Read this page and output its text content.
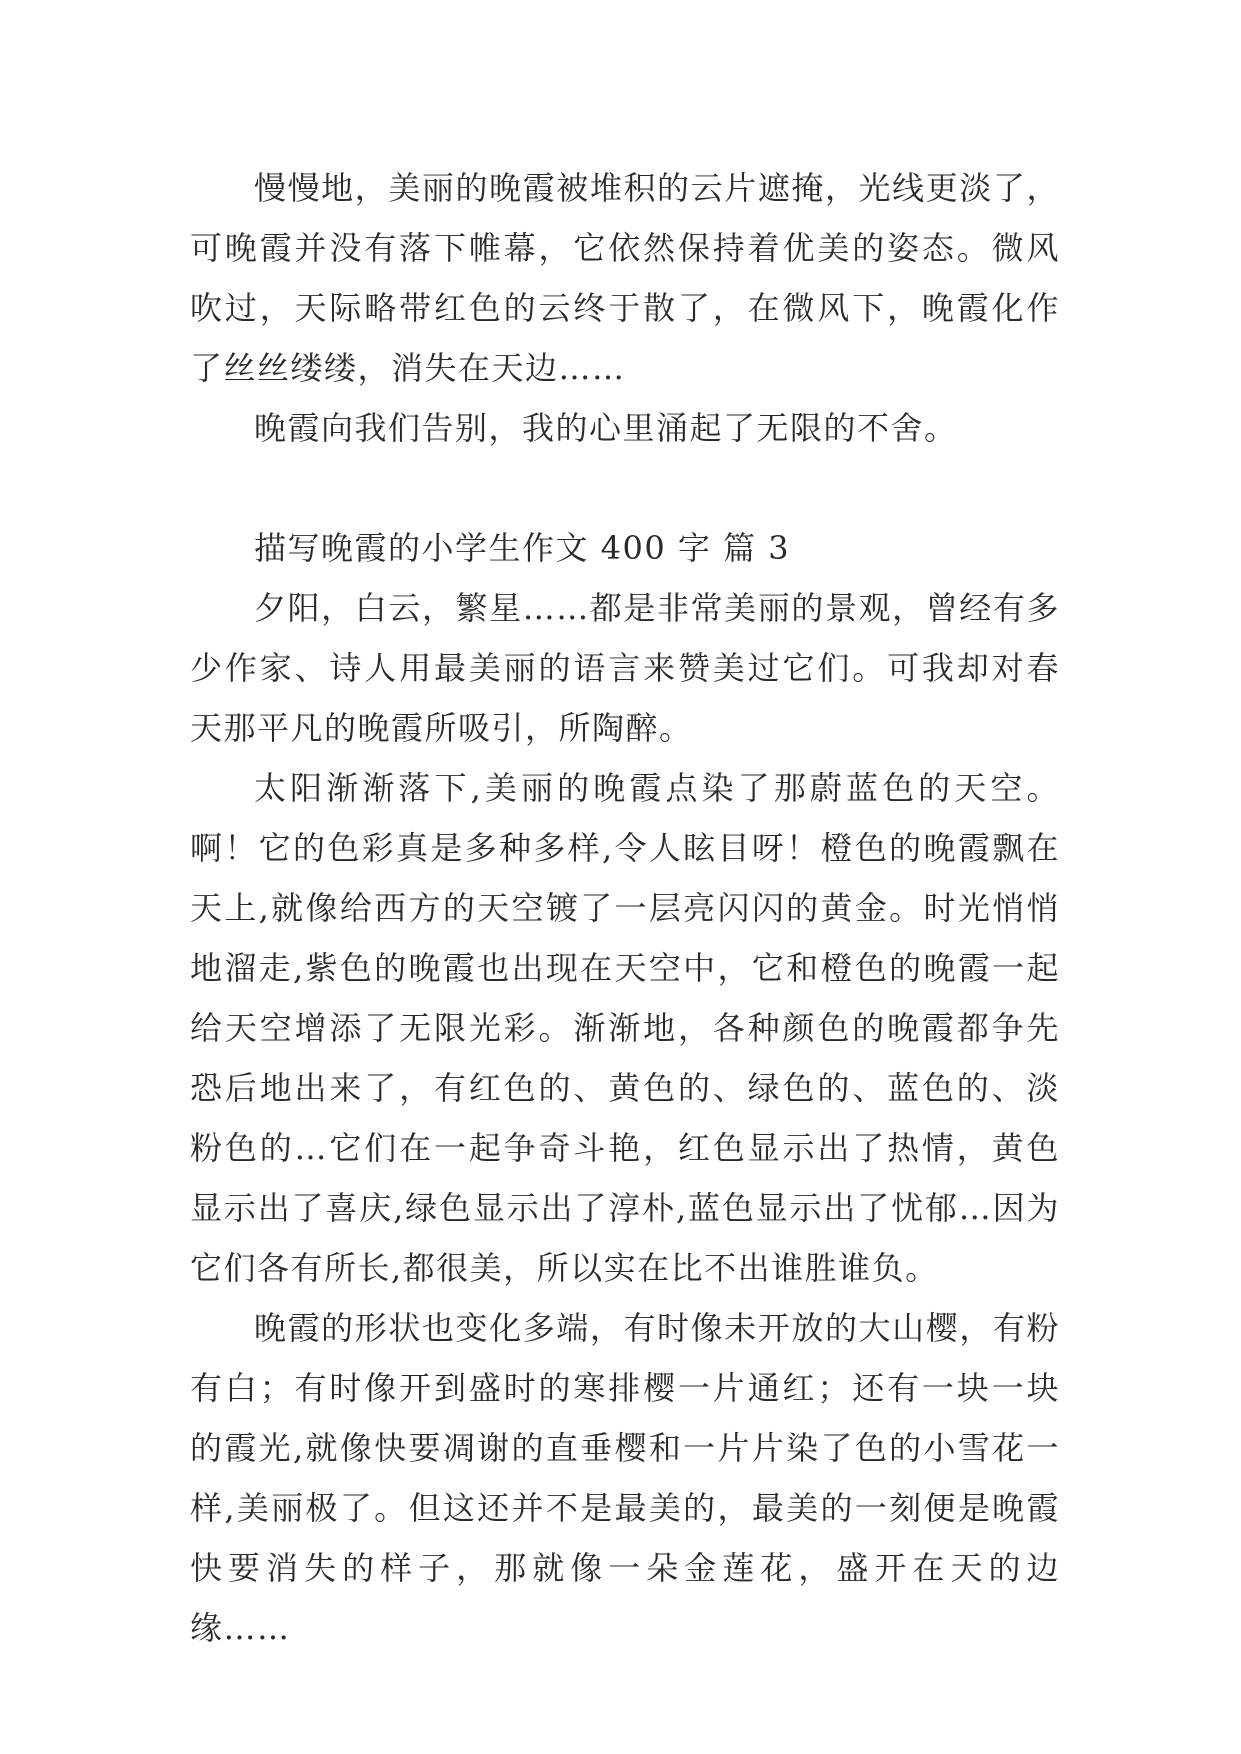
慢慢地，美丽的晚霞被堆积的云片遮掩，光线更淡了，可晚霞并没有落下帷幕，它依然保持着优美的姿态。微风吹过，天际略带红色的云终于散了，在微风下，晚霞化作了丝丝缕缕，消失在天边……

晚霞向我们告别，我的心里涌起了无限的不舍。

描写晚霞的小学生作文 400 字 篇 3

夕阳，白云，繁星……都是非常美丽的景观，曾经有多少作家、诗人用最美丽的语言来赞美过它们。可我却对春天那平凡的晚霞所吸引，所陶醉。

太阳渐渐落下,美丽的晚霞点染了那蔚蓝色的天空。啊！它的色彩真是多种多样,令人眩目呀！橙色的晚霞飘在天上,就像给西方的天空镀了一层亮闪闪的黄金。时光悄悄地溜走,紫色的晚霞也出现在天空中，它和橙色的晚霞一起给天空增添了无限光彩。渐渐地，各种颜色的晚霞都争先恐后地出来了，有红色的、黄色的、绿色的、蓝色的、淡粉色的…它们在一起争奇斗艳，红色显示出了热情，黄色显示出了喜庆,绿色显示出了淳朴,蓝色显示出了忧郁…因为它们各有所长,都很美，所以实在比不出谁胜谁负。

晚霞的形状也变化多端，有时像未开放的大山樱，有粉有白；有时像开到盛时的寒排樱一片通红；还有一块一块的霞光,就像快要凋谢的直垂樱和一片片染了色的小雪花一样,美丽极了。但这还并不是最美的，最美的一刻便是晚霞快要消失的样子，那就像一朵金莲花，盛开在天的边缘……
